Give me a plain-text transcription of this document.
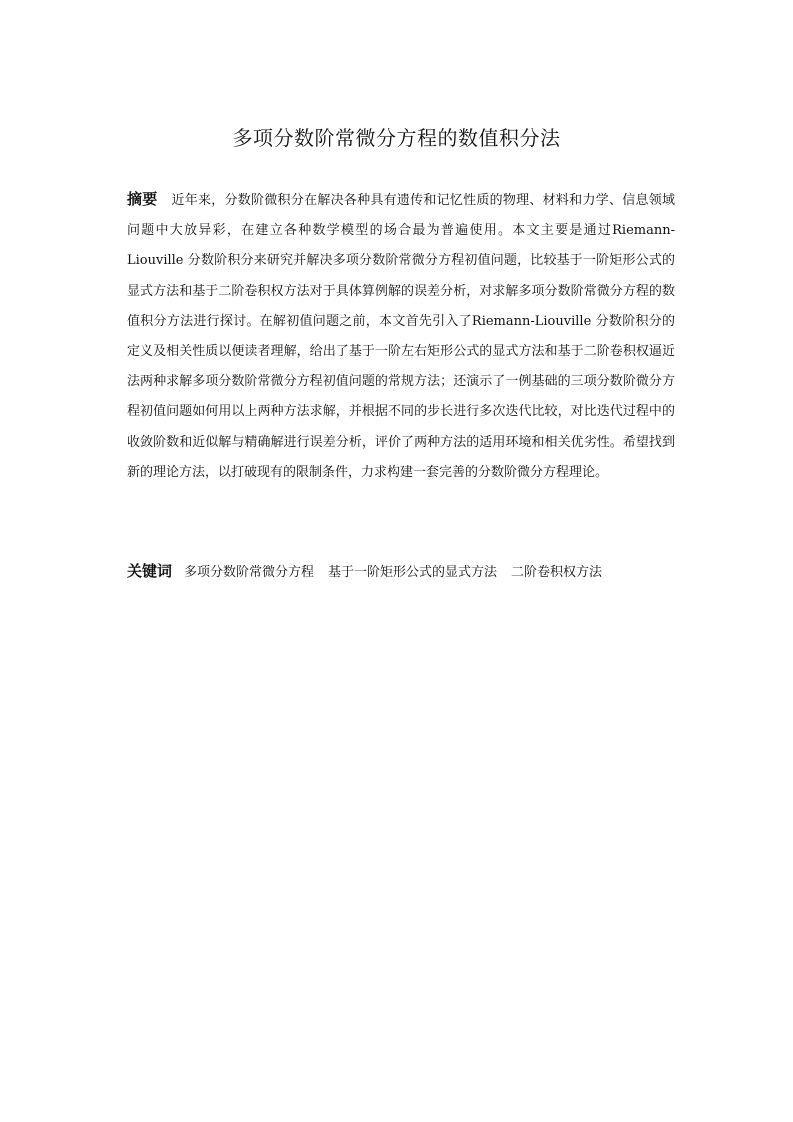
多项分数阶常微分方程的数值积分法

摘要 近年来，分数阶微积分在解决各种具有遗传和记忆性质的物理、材料和力学、信息领域问题中大放异彩，在建立各种数学模型的场合最为普遍使用。本文主要是通过Riemann-Liouville 分数阶积分来研究并解决多项分数阶常微分方程初值问题，比较基于一阶矩形公式的显式方法和基于二阶卷积权方法对于具体算例解的误差分析，对求解多项分数阶常微分方程的数值积分方法进行探讨。在解初值问题之前，本文首先引入了Riemann-Liouville 分数阶积分的定义及相关性质以便读者理解，给出了基于一阶左右矩形公式的显式方法和基于二阶卷积权逼近法两种求解多项分数阶常微分方程初值问题的常规方法；还演示了一例基础的三项分数阶微分方程初值问题如何用以上两种方法求解，并根据不同的步长进行多次迭代比较，对比迭代过程中的收敛阶数和近似解与精确解进行误差分析，评价了两种方法的适用环境和相关优劣性。希望找到新的理论方法，以打破现有的限制条件，力求构建一套完善的分数阶微分方程理论。

关键词 多项分数阶常微分方程 基于一阶矩形公式的显式方法 二阶卷积权方法
